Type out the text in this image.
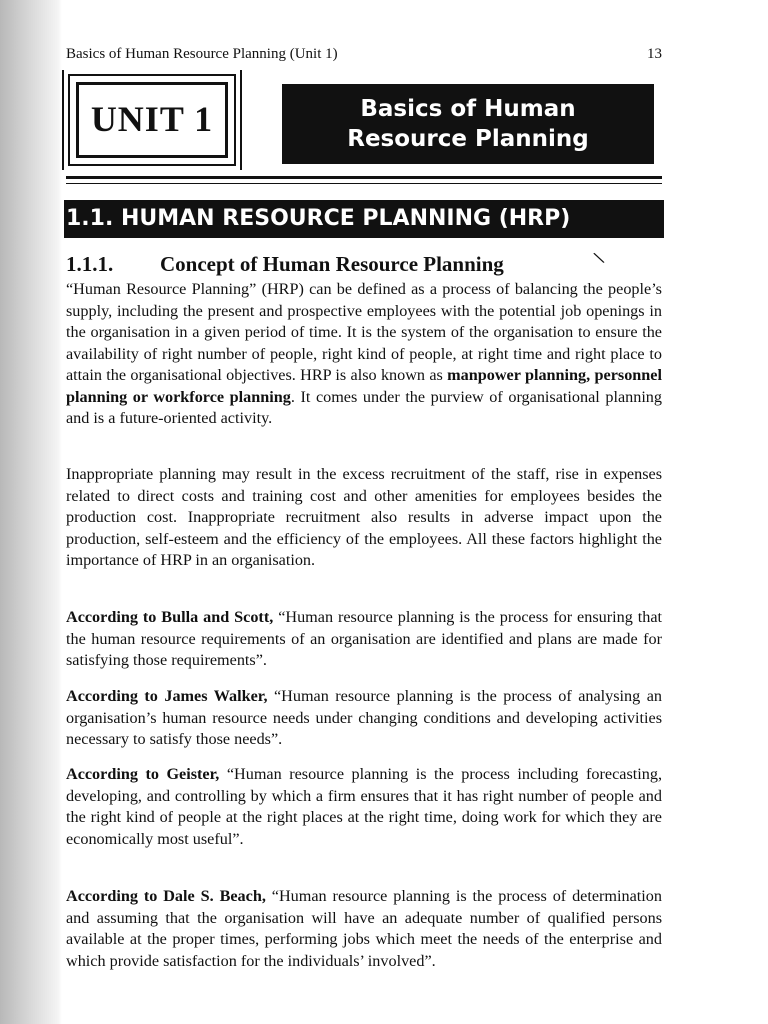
Basics of Human Resource Planning (Unit 1)	13
UNIT 1	Basics of Human
Resource Planning
1.1. HUMAN RESOURCE PLANNING (HRP)
1.1.1. Concept of Human Resource Planning	\
“Human Resource Planning” (HRP) can be defined as a process of balancing the people’s supply, including the present and prospective employees with the potential job openings in the organisation in a given period of time. It is the system of the organisation to ensure the availability of right number of people, right kind of people, at right time and right place to attain the organisational objectives. HRP is also known as manpower planning, personnel planning or workforce planning. It comes under the purview of organisational planning and is a future-oriented activity.
Inappropriate planning may result in the excess recruitment of the staff, rise in expenses related to direct costs and training cost and other amenities for employees besides the production cost. Inappropriate recruitment also results in adverse impact upon the production, self-esteem and the efficiency of the employees. All these factors highlight the importance of HRP in an organisation.
According to Bulla and Scott, “Human resource planning is the process for ensuring that the human resource requirements of an organisation are identified and plans are made for satisfying those requirements”.
According to James Walker, “Human resource planning is the process of analysing an organisation’s human resource needs under changing conditions and developing activities necessary to satisfy those needs”.
According to Geister, “Human resource planning is the process including forecasting, developing, and controlling by which a firm ensures that it has right number of people and the right kind of people at the right places at the right time, doing work for which they are economically most useful”.
According to Dale S. Beach, “Human resource planning is the process of determination and assuming that the organisation will have an adequate number of qualified persons available at the proper times, performing jobs which meet the needs of the enterprise and which provide satisfaction for the individuals’ involved”.
